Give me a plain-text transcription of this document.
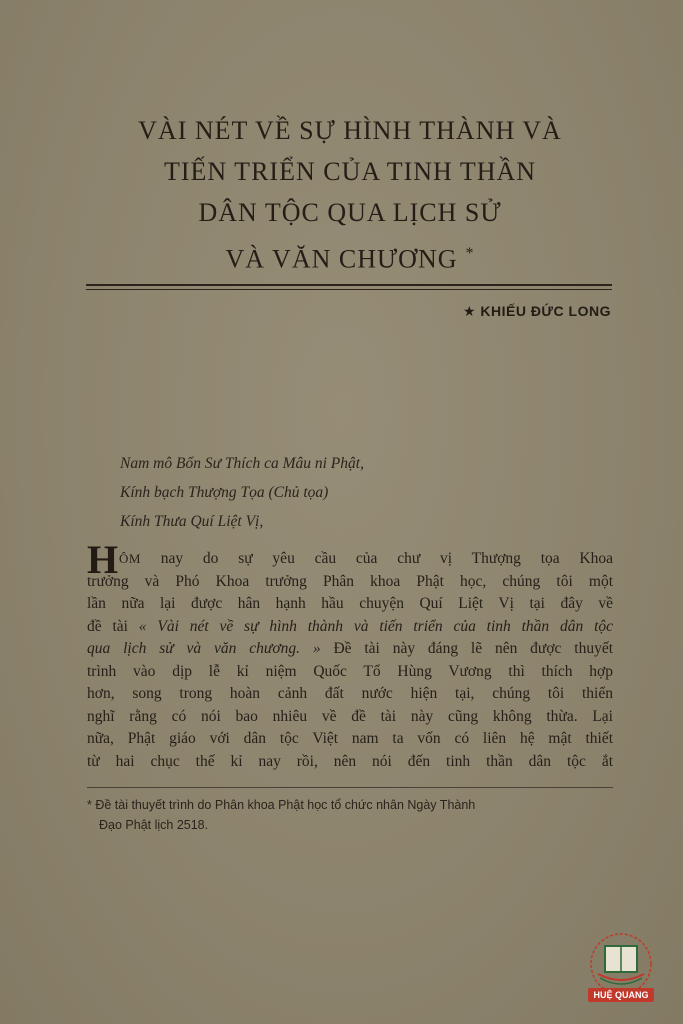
VÀI NÉT VỀ SỰ HÌNH THÀNH VÀ
TIẾN TRIỂN CỦA TINH THẦN
DÂN TỘC QUA LỊCH SỬ
VÀ VĂN CHƯƠNG *
★ KHIẾU ĐỨC LONG
Nam mô Bổn Sư Thích ca Mâu ni Phật,
Kính bạch Thượng Tọa (Chủ tọa)
Kính Thưa Quí Liệt Vị,
H ÔM nay do sự yêu cầu của chư vị Thượng tọa Khoa
trưởng và Phó Khoa trưởng Phân khoa Phật học, chúng tôi một
lần nữa lại được hân hạnh hầu chuyện Quí Liệt Vị tại đây về
đề tài « Vài nét về sự hình thành và tiến triển của tinh thần dân tộc
qua lịch sử và văn chương. » Đề tài này đáng lẽ nên được thuyết
trình vào dịp lễ kỉ niệm Quốc Tổ Hùng Vương thì thích hợp
hơn, song trong hoàn cảnh đất nước hiện tại, chúng tôi thiển
nghĩ rằng có nói bao nhiêu về đề tài này cũng không thừa. Lại
nữa, Phật giáo với dân tộc Việt nam ta vốn có liên hệ mật thiết
từ hai chục thế kỉ nay rồi, nên nói đến tinh thần dân tộc ắt
* Đề tài thuyết trình do Phân khoa Phật học tổ chức nhân Ngày Thành
Đạo Phật lịch 2518.
HUỆ QUANG
